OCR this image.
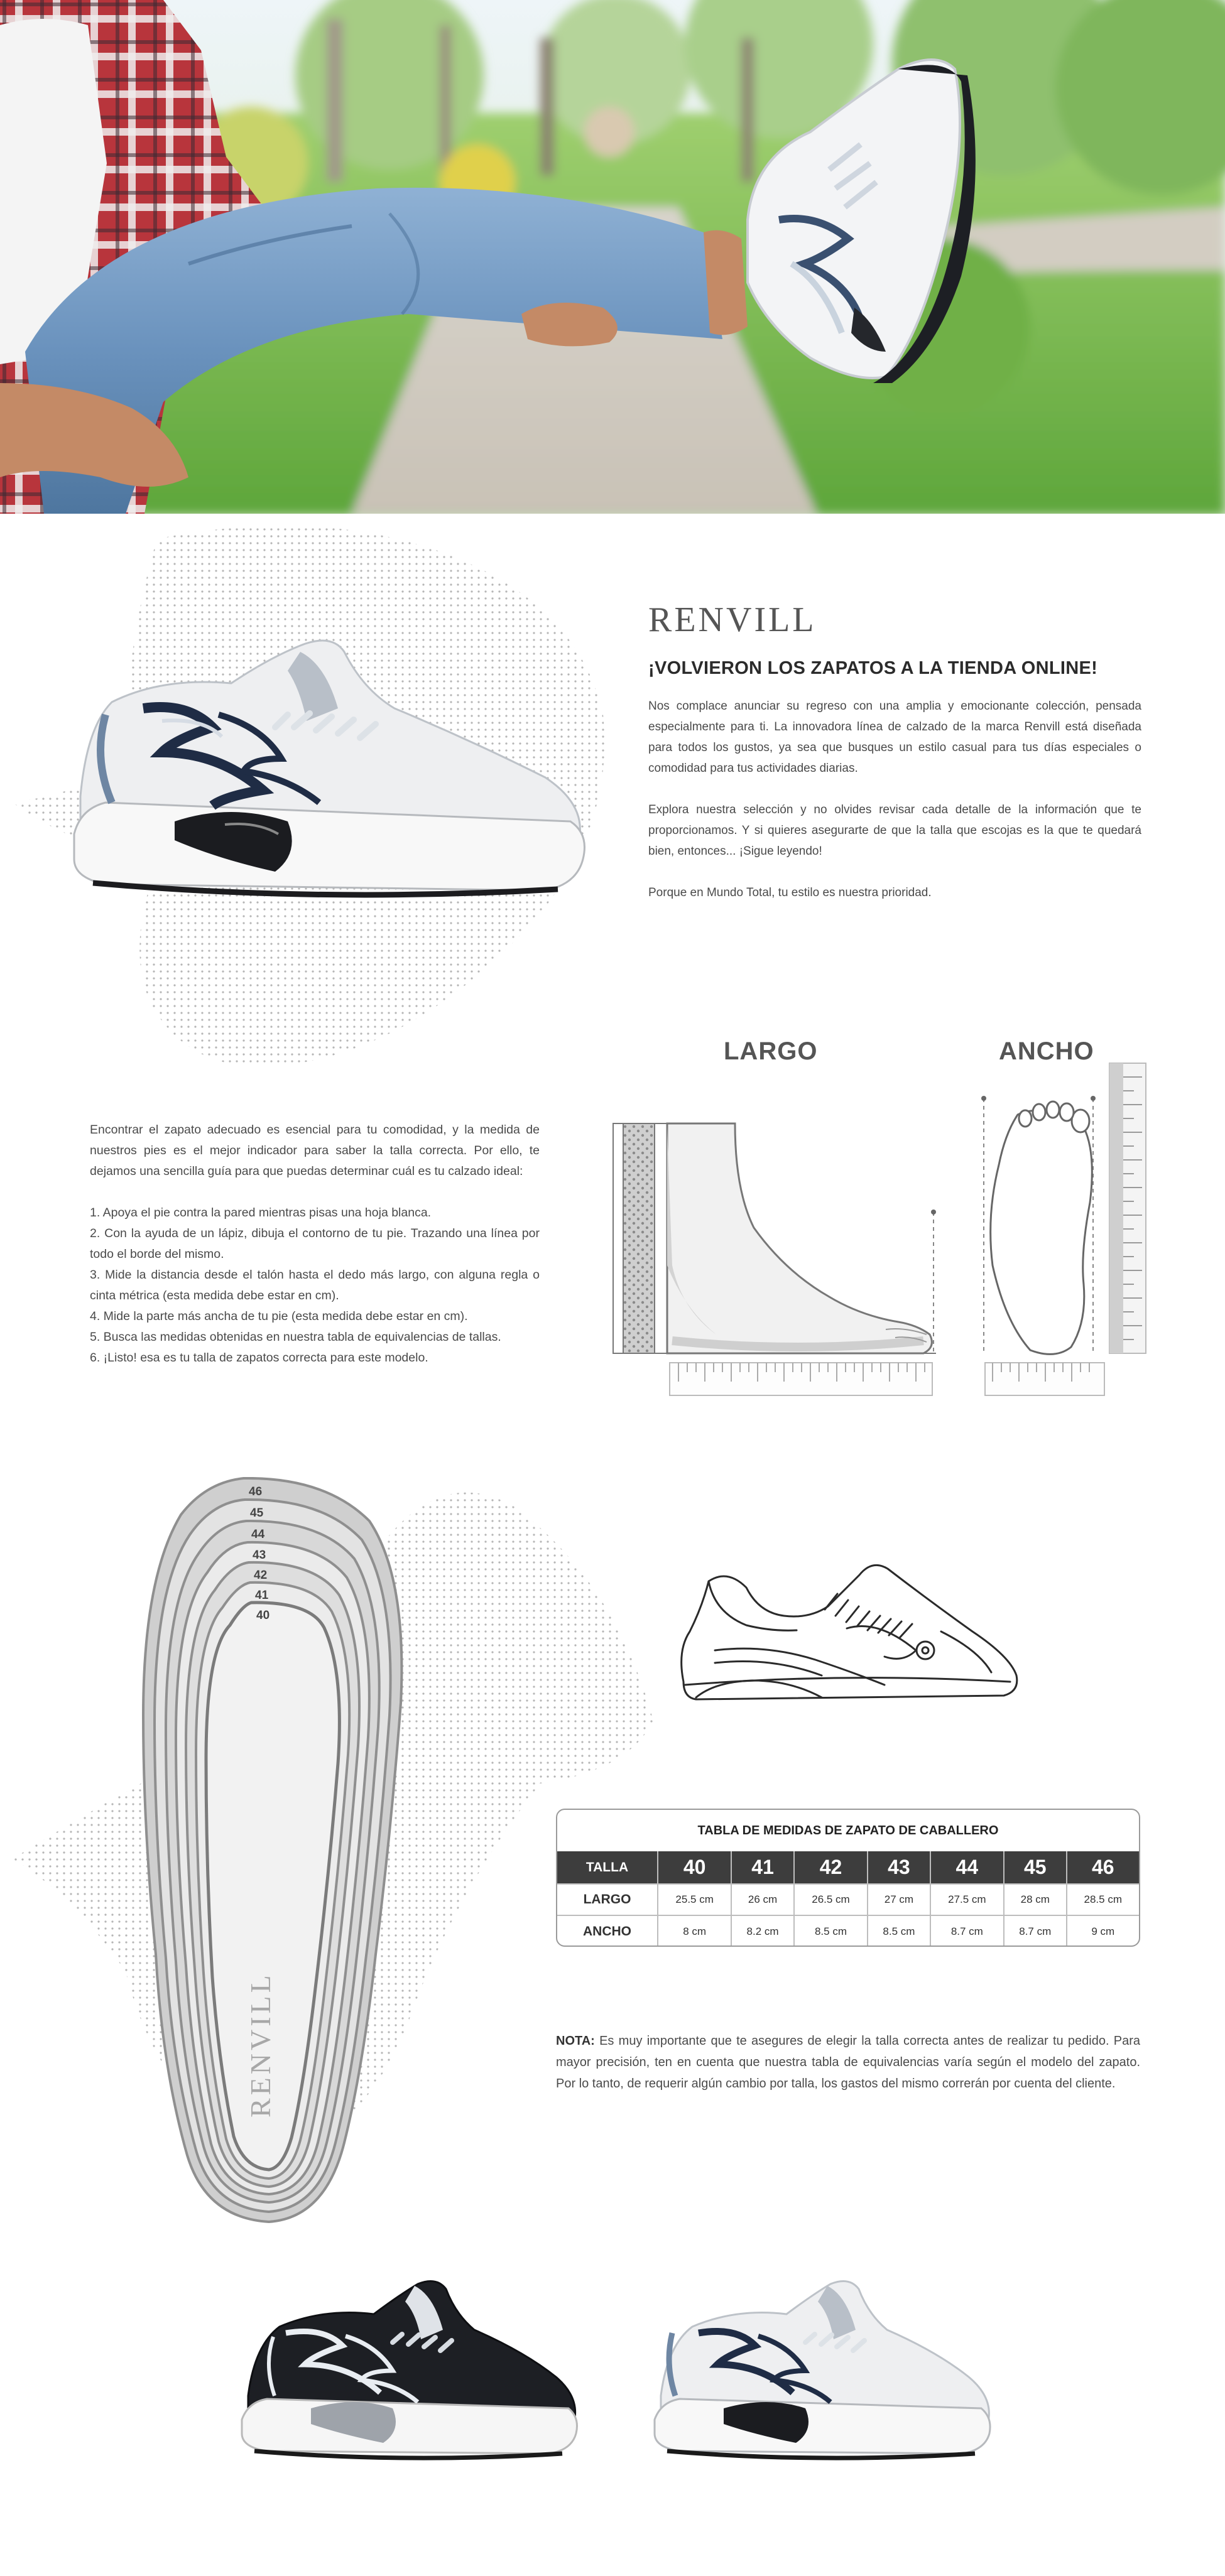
RENVILL
¡VOLVIERON LOS ZAPATOS A LA TIENDA ONLINE!

Nos complace anunciar su regreso con una amplia y emocionante colección, pensada especialmente para ti. La innovadora línea de calzado de la marca Renvill está diseñada para todos los gustos, ya sea que busques un estilo casual para tus días especiales o comodidad para tus actividades diarias.

Explora nuestra selección y no olvides revisar cada detalle de la información que te proporcionamos. Y si quieres asegurarte de que la talla que escojas es la que te quedará bien, entonces... ¡Sigue leyendo!

Porque en Mundo Total, tu estilo es nuestra prioridad.

Encontrar el zapato adecuado es esencial para tu comodidad, y la medida de nuestros pies es el mejor indicador para saber la talla correcta. Por ello, te dejamos una sencilla guía para que puedas determinar cuál es tu calzado ideal:

1. Apoya el pie contra la pared mientras pisas una hoja blanca.
2. Con la ayuda de un lápiz, dibuja el contorno de tu pie. Trazando una línea por todo el borde del mismo.
3. Mide la distancia desde el talón hasta el dedo más largo, con alguna regla o cinta métrica (esta medida debe estar en cm).
4. Mide la parte más ancha de tu pie (esta medida debe estar en cm).
5. Busca las medidas obtenidas en nuestra tabla de equivalencias de tallas.
6. ¡Listo! esa es tu talla de zapatos correcta para este modelo.
LARGO	ANCHO
46
45
44
43
42
41
40
RENVILL
TABLA DE MEDIDAS DE ZAPATO DE CABALLERO
TALLA	40	41	42	43	44	45	46
LARGO	25.5 cm	26 cm	26.5 cm	27 cm	27.5 cm	28 cm	28.5 cm
ANCHO	8 cm	8.2 cm	8.5 cm	8.5 cm	8.7 cm	8.7 cm	9 cm
NOTA: Es muy importante que te asegures de elegir la talla correcta antes de realizar tu pedido. Para mayor precisión, ten en cuenta que nuestra tabla de equivalencias varía según el modelo del zapato. Por lo tanto, de requerir algún cambio por talla, los gastos del mismo correrán por cuenta del cliente.
